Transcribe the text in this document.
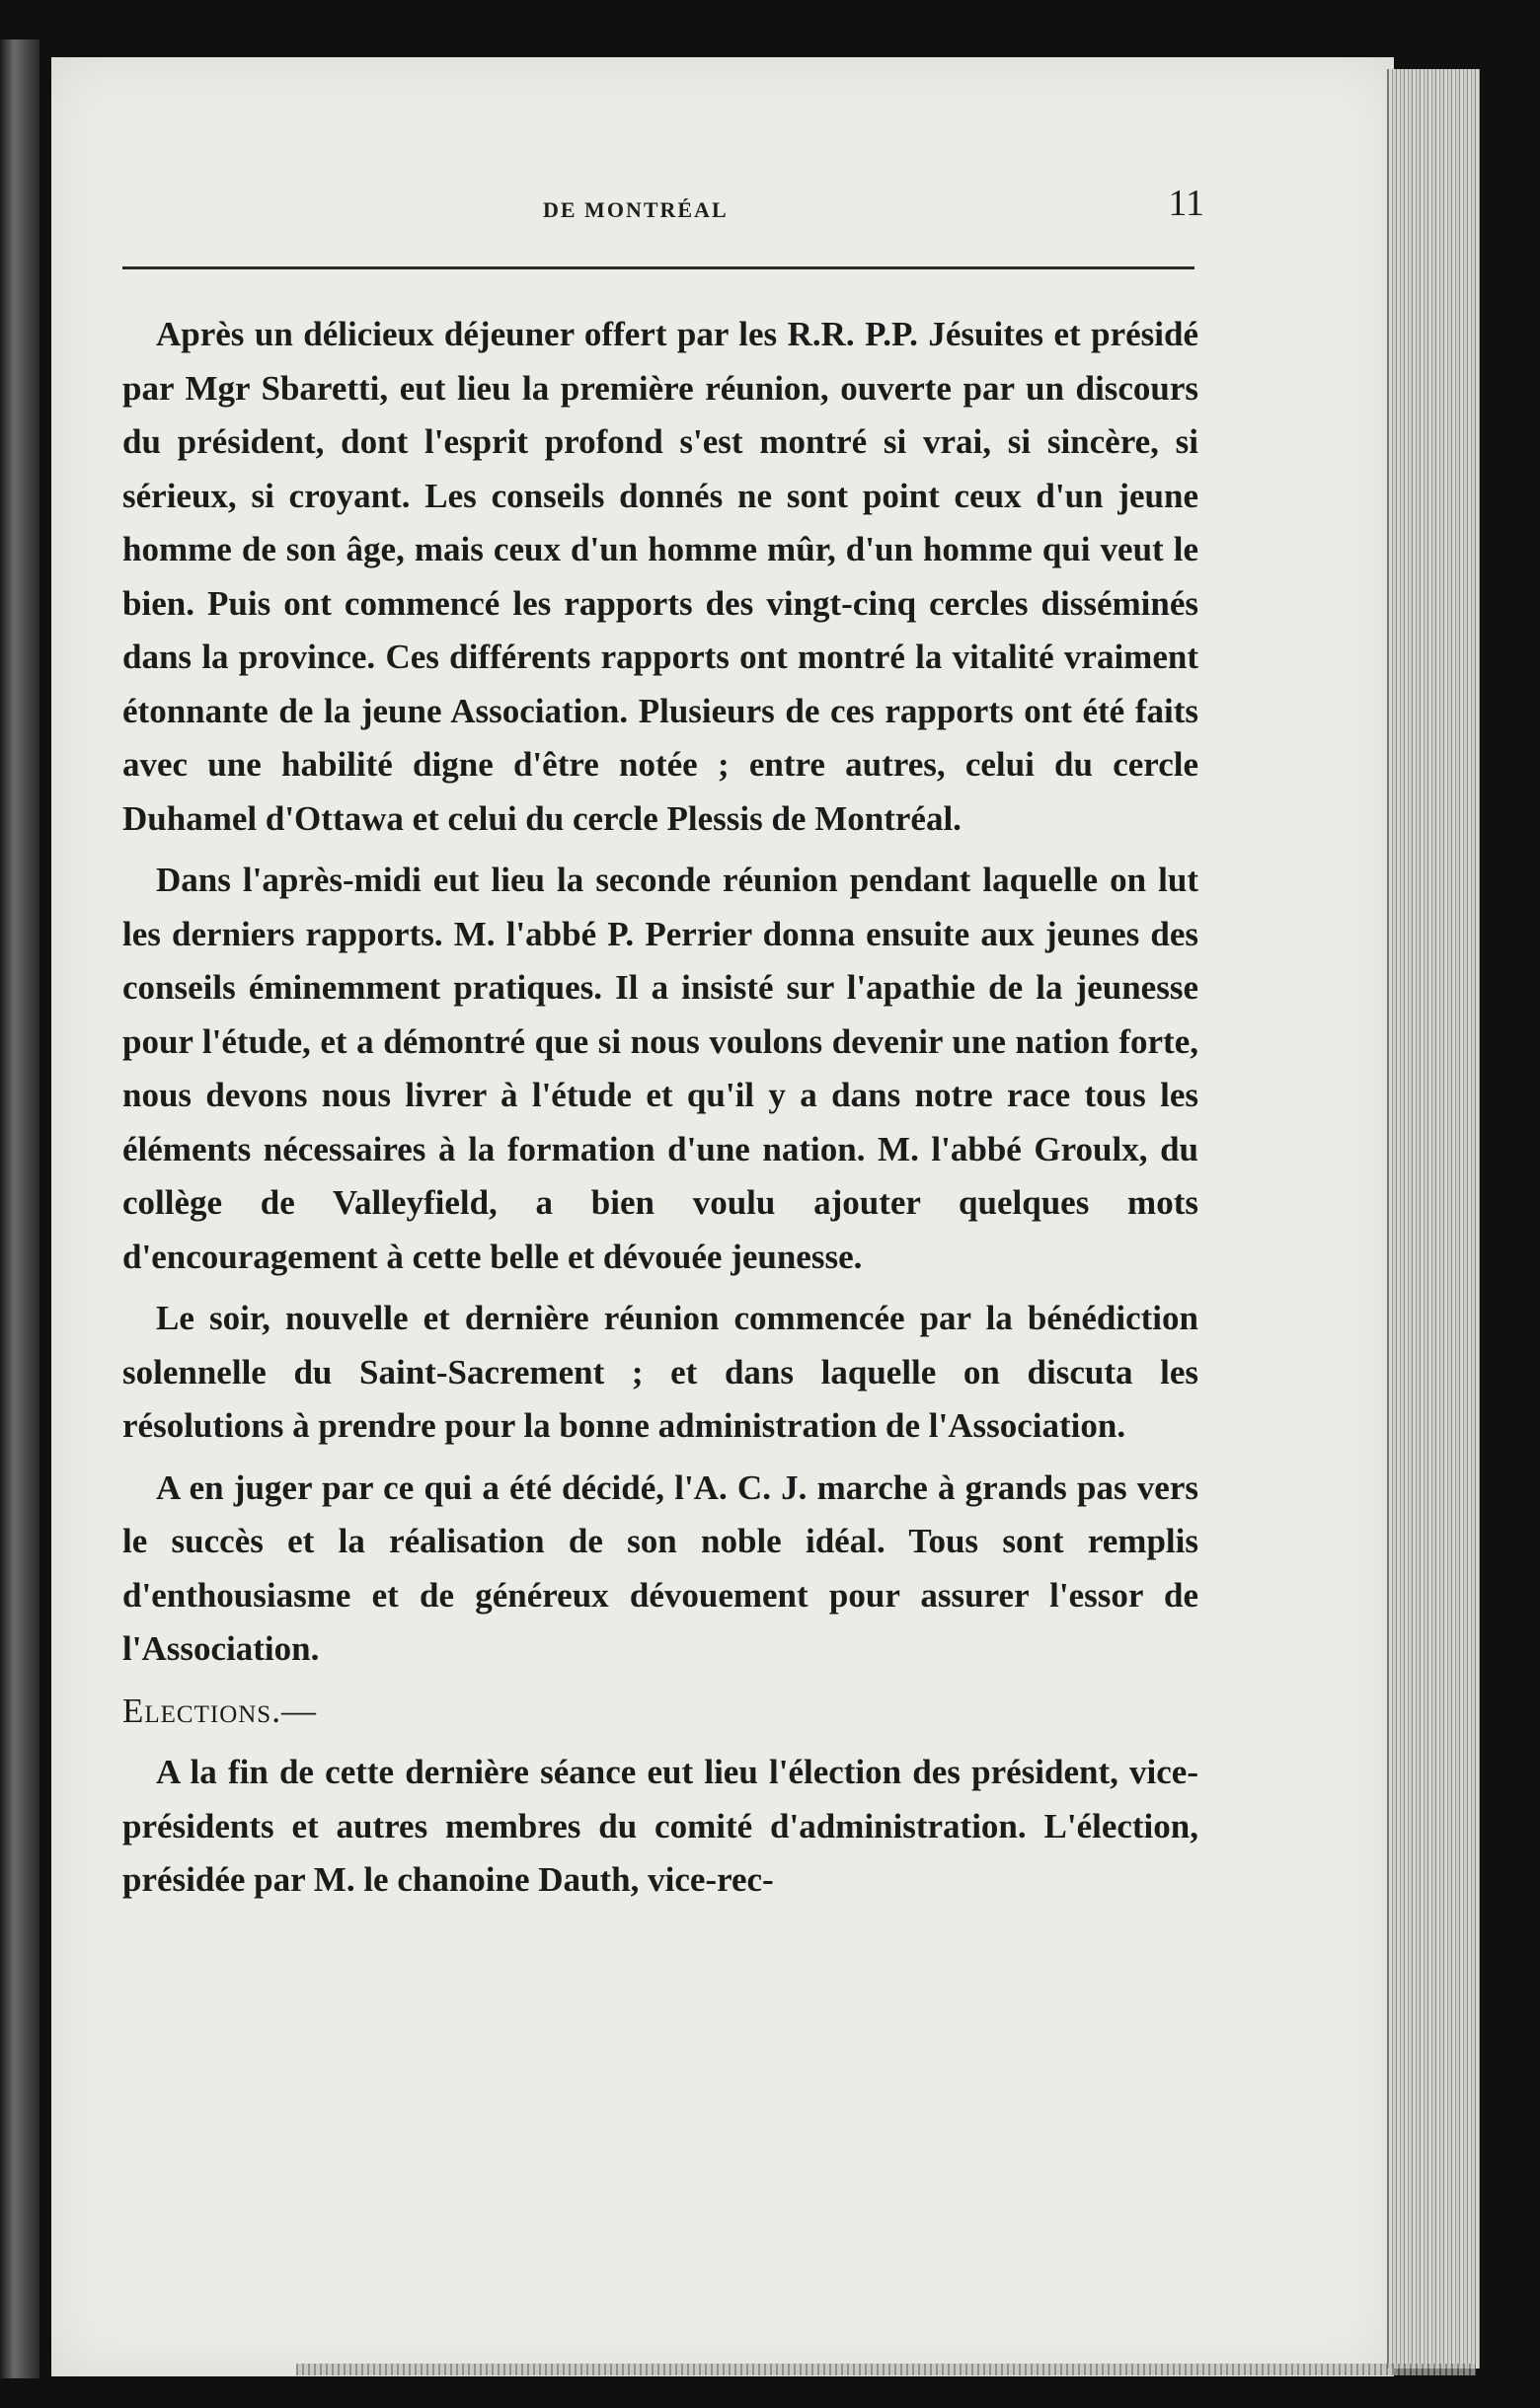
DE MONTRÉAL	11

Après un délicieux déjeuner offert par les R.R. P.P. Jésuites et présidé par Mgr Sbaretti, eut lieu la première réunion, ouverte par un discours du président, dont l'esprit profond s'est montré si vrai, si sincère, si sérieux, si croyant. Les conseils donnés ne sont point ceux d'un jeune homme de son âge, mais ceux d'un homme mûr, d'un homme qui veut le bien. Puis ont commencé les rapports des vingt-cinq cercles disséminés dans la province. Ces différents rapports ont montré la vitalité vraiment étonnante de la jeune Association. Plusieurs de ces rapports ont été faits avec une habilité digne d'être notée ; entre autres, celui du cercle Duhamel d'Ottawa et celui du cercle Plessis de Montréal.

Dans l'après-midi eut lieu la seconde réunion pendant laquelle on lut les derniers rapports. M. l'abbé P. Perrier donna ensuite aux jeunes des conseils éminemment pratiques. Il a insisté sur l'apathie de la jeunesse pour l'étude, et a démontré que si nous voulons devenir une nation forte, nous devons nous livrer à l'étude et qu'il y a dans notre race tous les éléments nécessaires à la formation d'une nation. M. l'abbé Groulx, du collège de Valleyfield, a bien voulu ajouter quelques mots d'encouragement à cette belle et dévouée jeunesse.

Le soir, nouvelle et dernière réunion commencée par la bénédiction solennelle du Saint-Sacrement ; et dans laquelle on discuta les résolutions à prendre pour la bonne administration de l'Association.

A en juger par ce qui a été décidé, l'A. C. J. marche à grands pas vers le succès et la réalisation de son noble idéal. Tous sont remplis d'enthousiasme et de généreux dévouement pour assurer l'essor de l'Association.

Elections.—

A la fin de cette dernière séance eut lieu l'élection des président, vice-présidents et autres membres du comité d'administration. L'élection, présidée par M. le chanoine Dauth, vice-rec-
